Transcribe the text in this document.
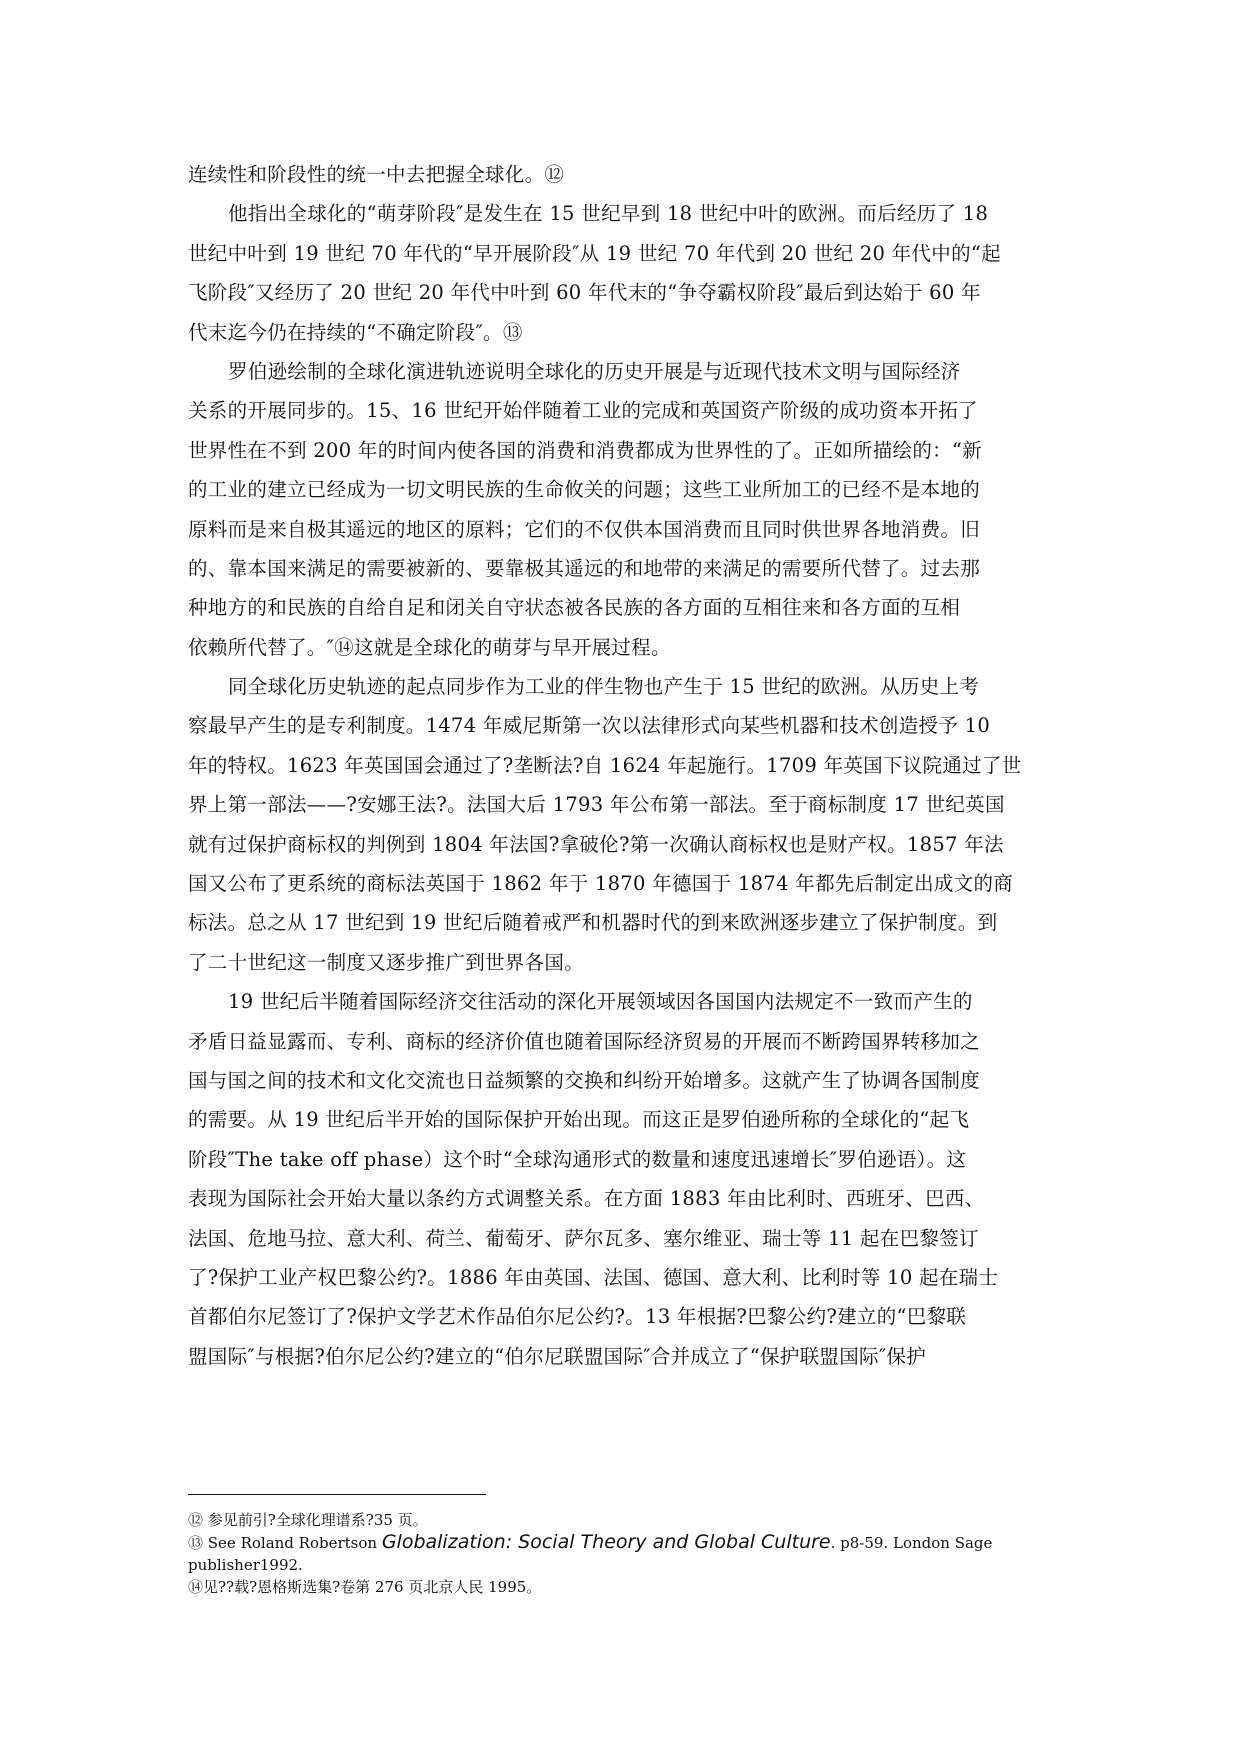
连续性和阶段性的统一中去把握全球化。⑫
他指出全球化的“萌芽阶段″是发生在 15 世纪早到 18 世纪中叶的欧洲。而后经历了 18
世纪中叶到 19 世纪 70 年代的“早开展阶段″从 19 世纪 70 年代到 20 世纪 20 年代中的“起
飞阶段″又经历了 20 世纪 20 年代中叶到 60 年代末的“争夺霸权阶段″最后到达始于 60 年
代末迄今仍在持续的“不确定阶段″。⑬
罗伯逊绘制的全球化演进轨迹说明全球化的历史开展是与近现代技术文明与国际经济
关系的开展同步的。15、16 世纪开始伴随着工业的完成和英国资产阶级的成功资本开拓了
世界性在不到 200 年的时间内使各国的消费和消费都成为世界性的了。正如所描绘的：“新
的工业的建立已经成为一切文明民族的生命攸关的问题；这些工业所加工的已经不是本地的
原料而是来自极其遥远的地区的原料；它们的不仅供本国消费而且同时供世界各地消费。旧
的、靠本国来满足的需要被新的、要靠极其遥远的和地带的来满足的需要所代替了。过去那
种地方的和民族的自给自足和闭关自守状态被各民族的各方面的互相往来和各方面的互相
依赖所代替了。″⑭这就是全球化的萌芽与早开展过程。
同全球化历史轨迹的起点同步作为工业的伴生物也产生于 15 世纪的欧洲。从历史上考
察最早产生的是专利制度。1474 年威尼斯第一次以法律形式向某些机器和技术创造授予 10
年的特权。1623 年英国国会通过了?垄断法?自 1624 年起施行。1709 年英国下议院通过了世
界上第一部法——?安娜王法?。法国大后 1793 年公布第一部法。至于商标制度 17 世纪英国
就有过保护商标权的判例到 1804 年法国?拿破伦?第一次确认商标权也是财产权。1857 年法
国又公布了更系统的商标法英国于 1862 年于 1870 年德国于 1874 年都先后制定出成文的商
标法。总之从 17 世纪到 19 世纪后随着戒严和机器时代的到来欧洲逐步建立了保护制度。到
了二十世纪这一制度又逐步推广到世界各国。
19 世纪后半随着国际经济交往活动的深化开展领域因各国国内法规定不一致而产生的
矛盾日益显露而、专利、商标的经济价值也随着国际经济贸易的开展而不断跨国界转移加之
国与国之间的技术和文化交流也日益频繁的交换和纠纷开始增多。这就产生了协调各国制度
的需要。从 19 世纪后半开始的国际保护开始出现。而这正是罗伯逊所称的全球化的“起飞
阶段″The take off phase）这个时“全球沟通形式的数量和速度迅速增长″罗伯逊语）。这
表现为国际社会开始大量以条约方式调整关系。在方面 1883 年由比利时、西班牙、巴西、
法国、危地马拉、意大利、荷兰、葡萄牙、萨尔瓦多、塞尔维亚、瑞士等 11 起在巴黎签订
了?保护工业产权巴黎公约?。1886 年由英国、法国、德国、意大利、比利时等 10 起在瑞士
首都伯尔尼签订了?保护文学艺术作品伯尔尼公约?。13 年根据?巴黎公约?建立的“巴黎联
盟国际″与根据?伯尔尼公约?建立的“伯尔尼联盟国际″合并成立了“保护联盟国际″保护
⑫ 参见前引?全球化理谱系?35 页。
⑬ See Roland Robertson Globalization: Social Theory and Global Culture. p8-59. London Sage
publisher1992.
⑭见??载?恩格斯选集?卷第 276 页北京人民 1995。
